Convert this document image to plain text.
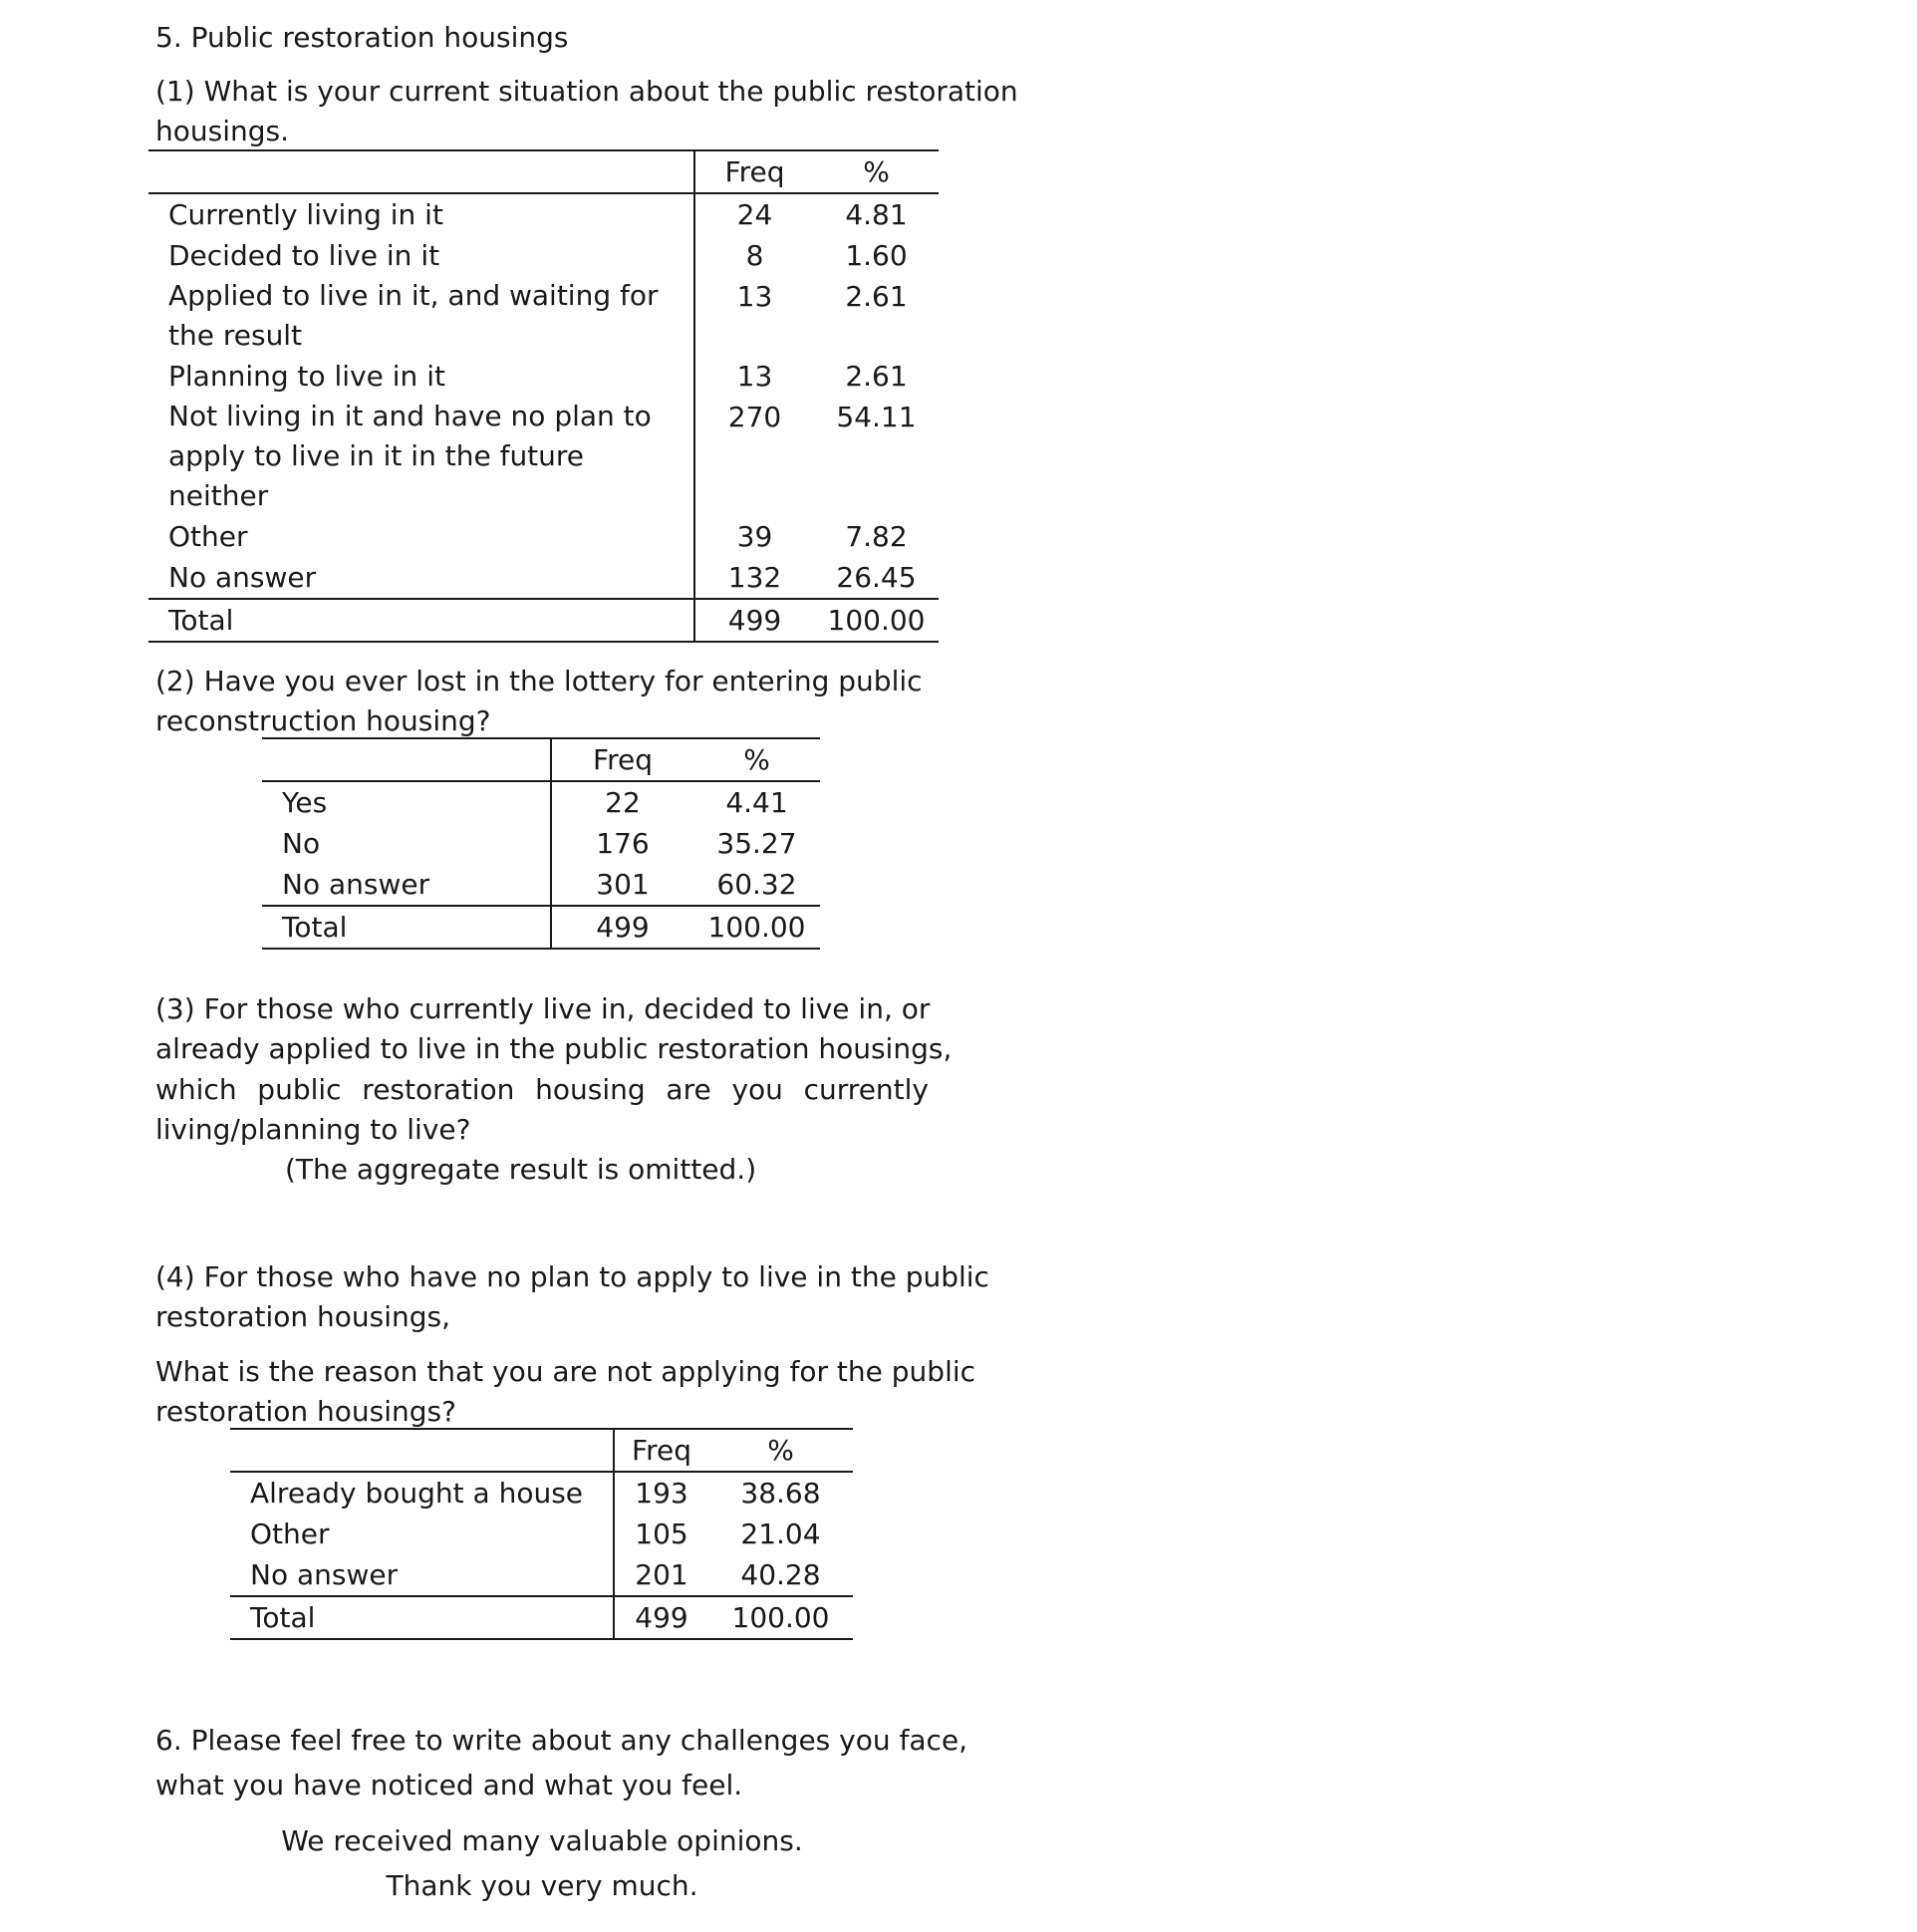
5. Public restoration housings
(1) What is your current situation about the public restoration
housings.
	Freq	%
Currently living in it	24	4.81
Decided to live in it	8	1.60
Applied to live in it, and waiting for the result	13	2.61
Planning to live in it	13	2.61
Not living in it and have no plan to apply to live in it in the future neither	270	54.11
Other	39	7.82
No answer	132	26.45
Total	499	100.00
(2) Have you ever lost in the lottery for entering public
reconstruction housing?
	Freq	%
Yes	22	4.41
No	176	35.27
No answer	301	60.32
Total	499	100.00
(3) For those who currently live in, decided to live in, or
already applied to live in the public restoration housings,
which public restoration housing are you currently
living/planning to live?
(The aggregate result is omitted.)
(4) For those who have no plan to apply to live in the public
restoration housings,
What is the reason that you are not applying for the public
restoration housings?
	Freq	%
Already bought a house	193	38.68
Other	105	21.04
No answer	201	40.28
Total	499	100.00
6. Please feel free to write about any challenges you face,
what you have noticed and what you feel.
We received many valuable opinions.
Thank you very much.
